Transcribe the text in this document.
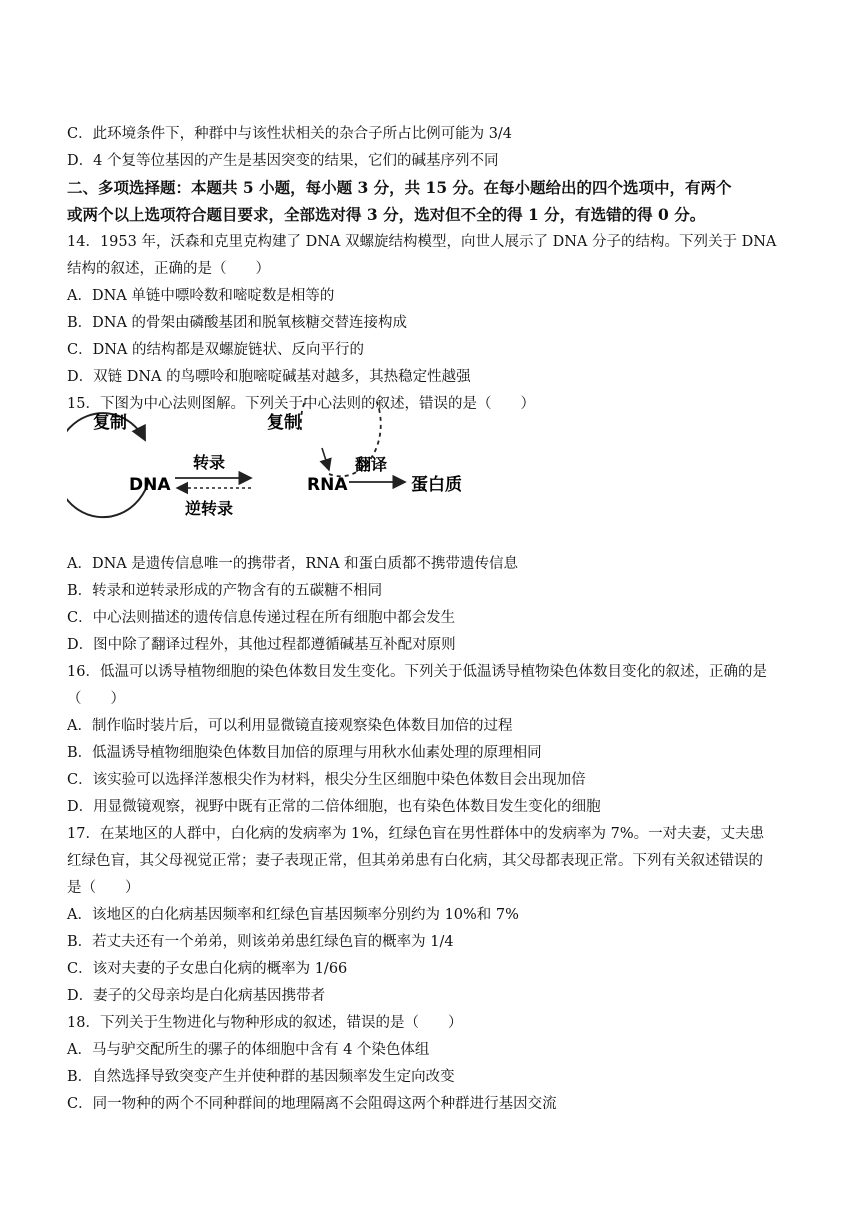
C．此环境条件下，种群中与该性状相关的杂合子所占比例可能为 3/4
D．4 个复等位基因的产生是基因突变的结果，它们的碱基序列不同
二、多项选择题：本题共 5 小题，每小题 3 分，共 15 分。在每小题给出的四个选项中，有两个
或两个以上选项符合题目要求，全部选对得 3 分，选对但不全的得 1 分，有选错的得 0 分。
14．1953 年，沃森和克里克构建了 DNA 双螺旋结构模型，向世人展示了 DNA 分子的结构。下列关于 DNA
结构的叙述，正确的是（　　）
A．DNA 单链中嘌呤数和嘧啶数是相等的
B．DNA 的骨架由磷酸基团和脱氧核糖交替连接构成
C．DNA 的结构都是双螺旋链状、反向平行的
D．双链 DNA 的鸟嘌呤和胞嘧啶碱基对越多，其热稳定性越强
15．下图为中心法则图解。下列关于中心法则的叙述，错误的是（　　）
复制
DNA
转录
逆转录
复制
RNA
翻译
蛋白质
A．DNA 是遗传信息唯一的携带者，RNA 和蛋白质都不携带遗传信息
B．转录和逆转录形成的产物含有的五碳糖不相同
C．中心法则描述的遗传信息传递过程在所有细胞中都会发生
D．图中除了翻译过程外，其他过程都遵循碱基互补配对原则
16．低温可以诱导植物细胞的染色体数目发生变化。下列关于低温诱导植物染色体数目变化的叙述，正确的是
（　　）
A．制作临时装片后，可以利用显微镜直接观察染色体数目加倍的过程
B．低温诱导植物细胞染色体数目加倍的原理与用秋水仙素处理的原理相同
C．该实验可以选择洋葱根尖作为材料，根尖分生区细胞中染色体数目会出现加倍
D．用显微镜观察，视野中既有正常的二倍体细胞，也有染色体数目发生变化的细胞
17．在某地区的人群中，白化病的发病率为 1%，红绿色盲在男性群体中的发病率为 7%。一对夫妻，丈夫患
红绿色盲，其父母视觉正常；妻子表现正常，但其弟弟患有白化病，其父母都表现正常。下列有关叙述错误的
是（　　）
A．该地区的白化病基因频率和红绿色盲基因频率分别约为 10%和 7%
B．若丈夫还有一个弟弟，则该弟弟患红绿色盲的概率为 1/4
C．该对夫妻的子女患白化病的概率为 1/66
D．妻子的父母亲均是白化病基因携带者
18．下列关于生物进化与物种形成的叙述，错误的是（　　）
A．马与驴交配所生的骡子的体细胞中含有 4 个染色体组
B．自然选择导致突变产生并使种群的基因频率发生定向改变
C．同一物种的两个不同种群间的地理隔离不会阻碍这两个种群进行基因交流
